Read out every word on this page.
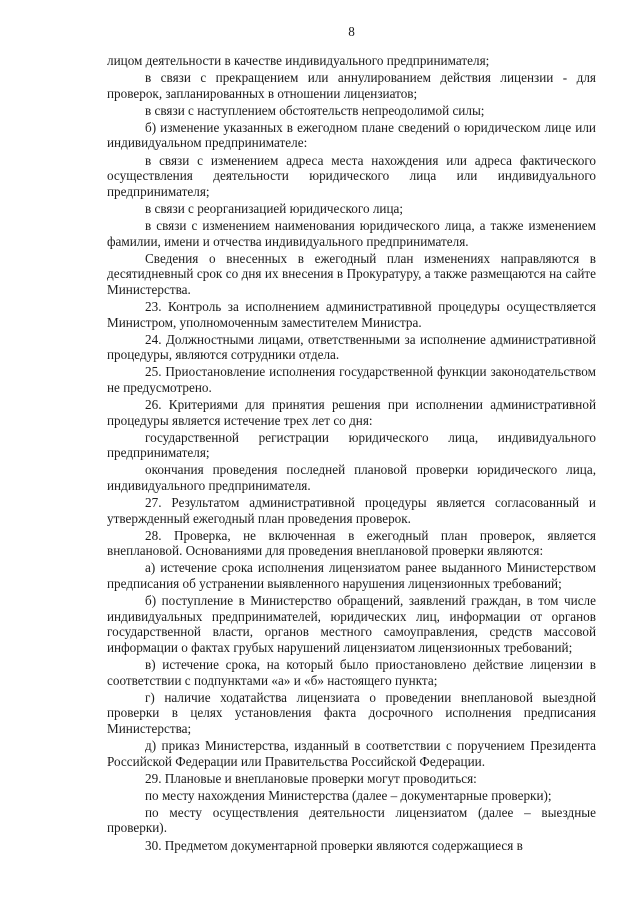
8

лицом деятельности в качестве индивидуального предпринимателя;

в связи с прекращением или аннулированием действия лицензии - для проверок, запланированных в отношении лицензиатов;

в связи с наступлением обстоятельств непреодолимой силы;

б) изменение указанных в ежегодном плане сведений о юридическом лице или индивидуальном предпринимателе:

в связи с изменением адреса места нахождения или адреса фактического осуществления деятельности юридического лица или индивидуального предпринимателя;

в связи с реорганизацией юридического лица;

в связи с изменением наименования юридического лица, а также изменением фамилии, имени и отчества индивидуального предпринимателя.

Сведения о внесенных в ежегодный план изменениях направляются в десятидневный срок со дня их внесения в Прокуратуру, а также размещаются на сайте Министерства.

23. Контроль за исполнением административной процедуры осуществляется Министром, уполномоченным заместителем Министра.

24. Должностными лицами, ответственными за исполнение административной процедуры, являются сотрудники отдела.

25. Приостановление исполнения государственной функции законодательством не предусмотрено.

26. Критериями для принятия решения при исполнении административной процедуры является истечение трех лет со дня:

государственной регистрации юридического лица, индивидуального предпринимателя;

окончания проведения последней плановой проверки юридического лица, индивидуального предпринимателя.

27. Результатом административной процедуры является согласованный и утвержденный ежегодный план проведения проверок.

28. Проверка, не включенная в ежегодный план проверок, является внеплановой. Основаниями для проведения внеплановой проверки являются:

а) истечение срока исполнения лицензиатом ранее выданного Министерством предписания об устранении выявленного нарушения лицензионных требований;

б) поступление в Министерство обращений, заявлений граждан, в том числе индивидуальных предпринимателей, юридических лиц, информации от органов государственной власти, органов местного самоуправления, средств массовой информации о фактах грубых нарушений лицензиатом лицензионных требований;

в) истечение срока, на который было приостановлено действие лицензии в соответствии с подпунктами «а» и «б» настоящего пункта;

г) наличие ходатайства лицензиата о проведении внеплановой выездной проверки в целях установления факта досрочного исполнения предписания Министерства;

д) приказ Министерства, изданный в соответствии с поручением Президента Российской Федерации или Правительства Российской Федерации.

29. Плановые и внеплановые проверки могут проводиться:

по месту нахождения Министерства (далее – документарные проверки);

по месту осуществления деятельности лицензиатом (далее – выездные проверки).

30. Предметом документарной проверки являются содержащиеся в
